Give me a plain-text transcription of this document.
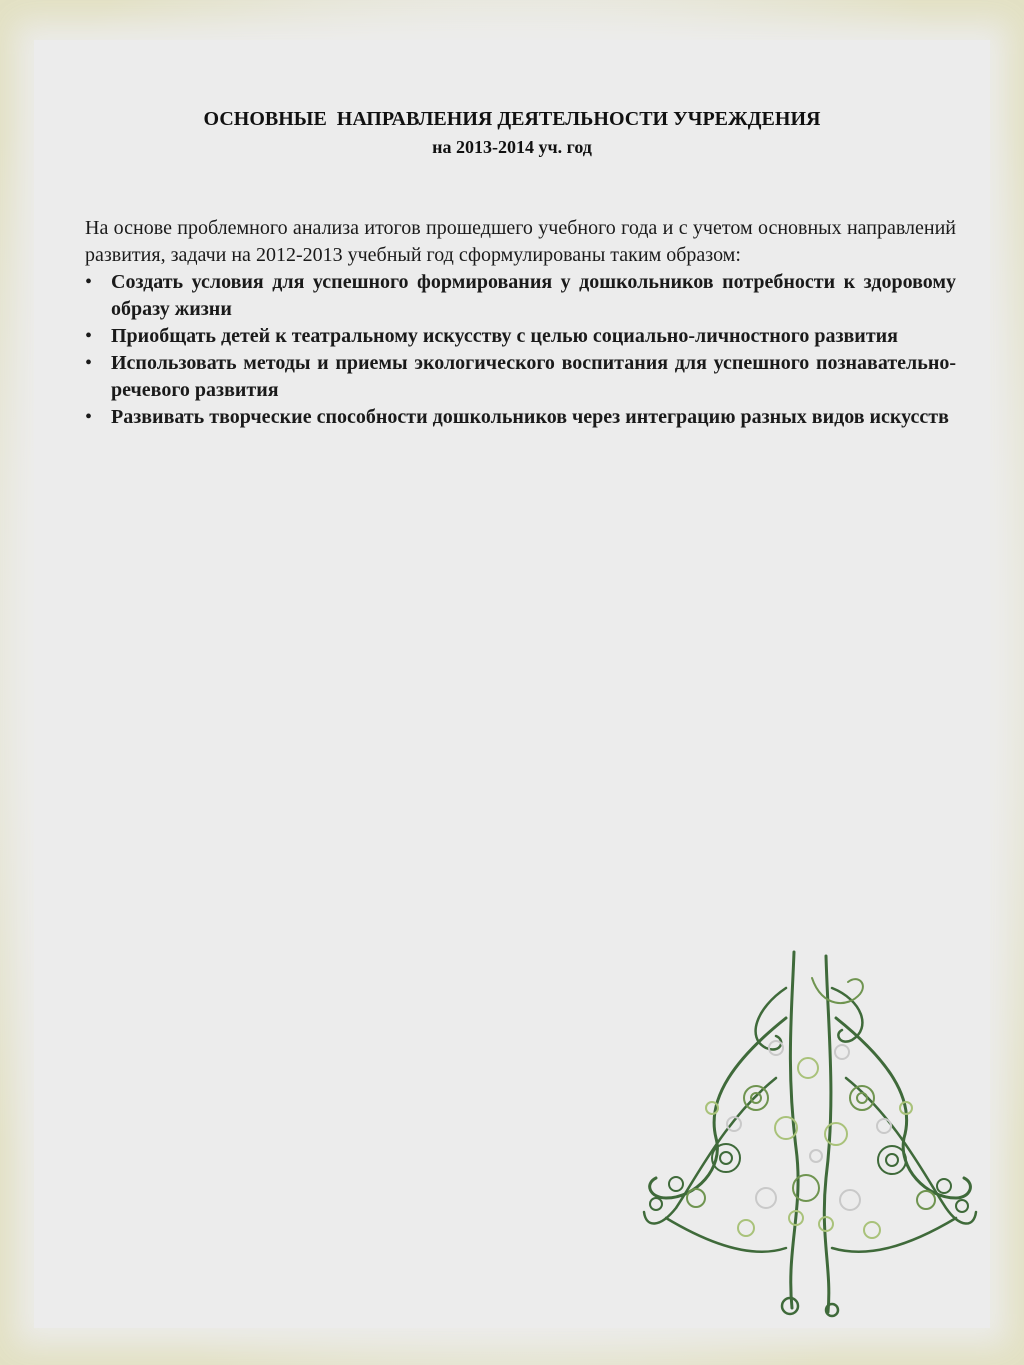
ОСНОВНЫЕ  НАПРАВЛЕНИЯ ДЕЯТЕЛЬНОСТИ УЧРЕЖДЕНИЯ
на 2013-2014 уч. год

На основе проблемного анализа итогов прошедшего учебного года и с учетом основных направлений развития, задачи на 2012-2013 учебный год сформулированы таким образом:

• Создать условия для успешного формирования у дошкольников потребности к здоровому образу жизни
• Приобщать детей к театральному искусству с целью социально-личностного развития
• Использовать методы и приемы экологического воспитания для успешного познавательно-речевого развития
• Развивать творческие способности дошкольников через интеграцию разных видов искусств
